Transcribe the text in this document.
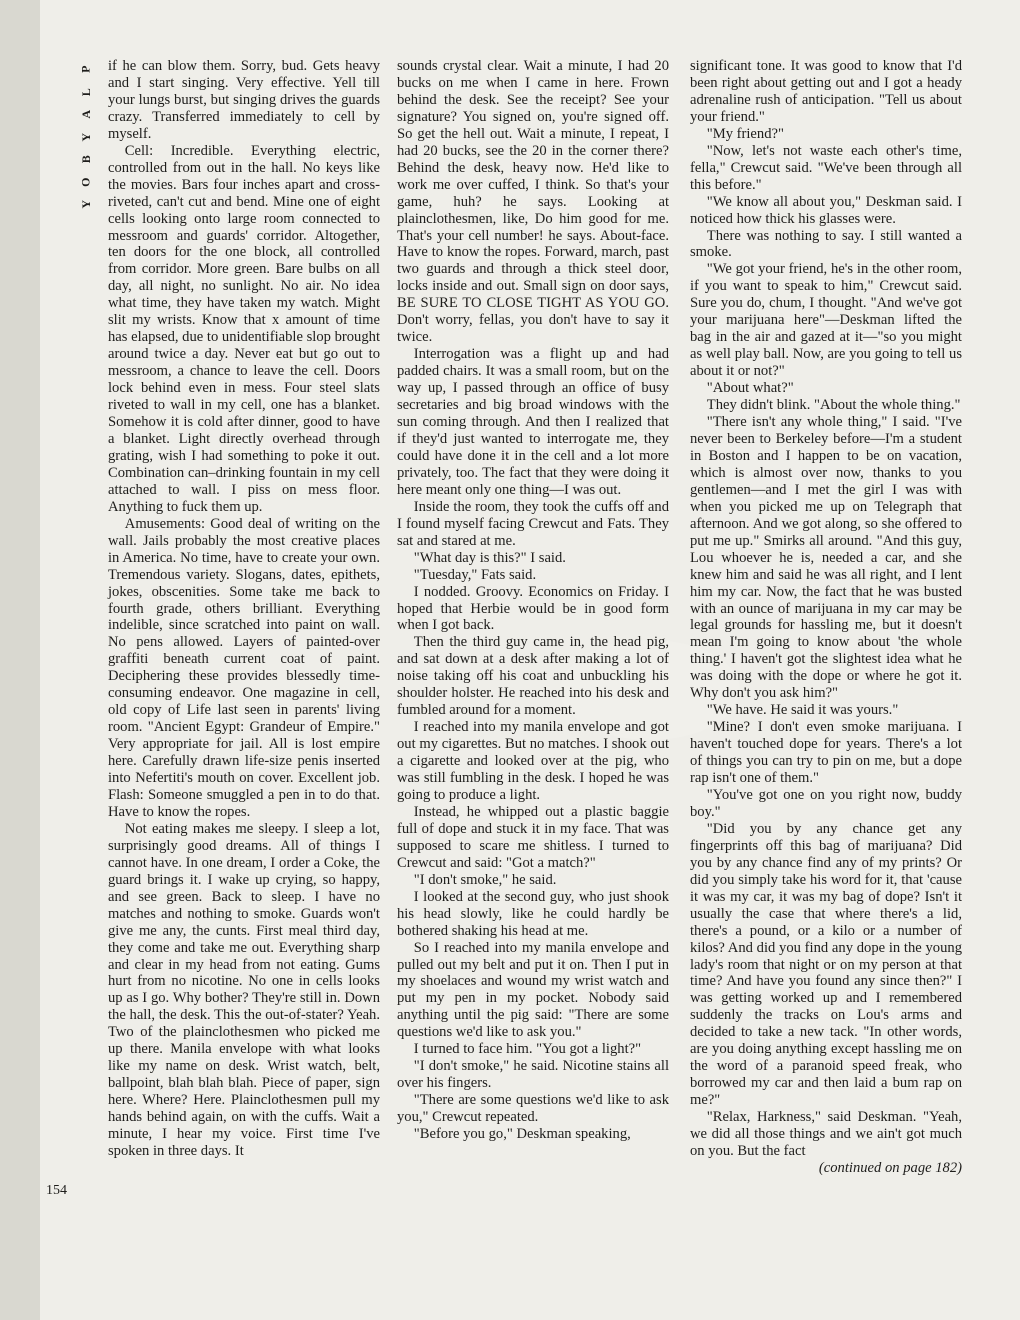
P
L
A
Y
B
O
Y
154

if he can blow them. Sorry, bud. Gets heavy and I start singing. Very effective. Yell till your lungs burst, but singing drives the guards crazy. Transferred immediately to cell by myself.

Cell: Incredible. Everything electric, controlled from out in the hall. No keys like the movies. Bars four inches apart and cross-riveted, can't cut and bend. Mine one of eight cells looking onto large room connected to messroom and guards' corridor. Altogether, ten doors for the one block, all controlled from corridor. More green. Bare bulbs on all day, all night, no sunlight. No air. No idea what time, they have taken my watch. Might slit my wrists. Know that x amount of time has elapsed, due to unidentifiable slop brought around twice a day. Never eat but go out to messroom, a chance to leave the cell. Doors lock behind even in mess. Four steel slats riveted to wall in my cell, one has a blanket. Somehow it is cold after dinner, good to have a blanket. Light directly overhead through grating, wish I had something to poke it out. Combination can–drinking fountain in my cell attached to wall. I piss on mess floor. Anything to fuck them up.

Amusements: Good deal of writing on the wall. Jails probably the most creative places in America. No time, have to create your own. Tremendous variety. Slogans, dates, epithets, jokes, obscenities. Some take me back to fourth grade, others brilliant. Everything indelible, since scratched into paint on wall. No pens allowed. Layers of painted-over graffiti beneath current coat of paint. Deciphering these provides blessedly time-consuming endeavor. One magazine in cell, old copy of Life last seen in parents' living room. "Ancient Egypt: Grandeur of Empire." Very appropriate for jail. All is lost empire here. Carefully drawn life-size penis inserted into Nefertiti's mouth on cover. Excellent job. Flash: Someone smuggled a pen in to do that. Have to know the ropes.

Not eating makes me sleepy. I sleep a lot, surprisingly good dreams. All of things I cannot have. In one dream, I order a Coke, the guard brings it. I wake up crying, so happy, and see green. Back to sleep. I have no matches and nothing to smoke. Guards won't give me any, the cunts. First meal third day, they come and take me out. Everything sharp and clear in my head from not eating. Gums hurt from no nicotine. No one in cells looks up as I go. Why bother? They're still in. Down the hall, the desk. This the out-of-stater? Yeah. Two of the plainclothesmen who picked me up there. Manila envelope with what looks like my name on desk. Wrist watch, belt, ballpoint, blah blah blah. Piece of paper, sign here. Where? Here. Plainclothesmen pull my hands behind again, on with the cuffs. Wait a minute, I hear my voice. First time I've spoken in three days. It

sounds crystal clear. Wait a minute, I had 20 bucks on me when I came in here. Frown behind the desk. See the receipt? See your signature? You signed on, you're signed off. So get the hell out. Wait a minute, I repeat, I had 20 bucks, see the 20 in the corner there? Behind the desk, heavy now. He'd like to work me over cuffed, I think. So that's your game, huh? he says. Looking at plainclothesmen, like, Do him good for me. That's your cell number! he says. About-face. Have to know the ropes. Forward, march, past two guards and through a thick steel door, locks inside and out. Small sign on door says, BE SURE TO CLOSE TIGHT AS YOU GO. Don't worry, fellas, you don't have to say it twice.

Interrogation was a flight up and had padded chairs. It was a small room, but on the way up, I passed through an office of busy secretaries and big broad windows with the sun coming through. And then I realized that if they'd just wanted to interrogate me, they could have done it in the cell and a lot more privately, too. The fact that they were doing it here meant only one thing—I was out.

Inside the room, they took the cuffs off and I found myself facing Crewcut and Fats. They sat and stared at me.

"What day is this?" I said.

"Tuesday," Fats said.

I nodded. Groovy. Economics on Friday. I hoped that Herbie would be in good form when I got back.

Then the third guy came in, the head pig, and sat down at a desk after making a lot of noise taking off his coat and unbuckling his shoulder holster. He reached into his desk and fumbled around for a moment.

I reached into my manila envelope and got out my cigarettes. But no matches. I shook out a cigarette and looked over at the pig, who was still fumbling in the desk. I hoped he was going to produce a light.

Instead, he whipped out a plastic baggie full of dope and stuck it in my face. That was supposed to scare me shitless. I turned to Crewcut and said: "Got a match?"

"I don't smoke," he said.

I looked at the second guy, who just shook his head slowly, like he could hardly be bothered shaking his head at me.

So I reached into my manila envelope and pulled out my belt and put it on. Then I put in my shoelaces and wound my wrist watch and put my pen in my pocket. Nobody said anything until the pig said: "There are some questions we'd like to ask you."

I turned to face him. "You got a light?"

"I don't smoke," he said. Nicotine stains all over his fingers.

"There are some questions we'd like to ask you," Crewcut repeated.

"Before you go," Deskman speaking,

significant tone. It was good to know that I'd been right about getting out and I got a heady adrenaline rush of anticipation. "Tell us about your friend."

"My friend?"

"Now, let's not waste each other's time, fella," Crewcut said. "We've been through all this before."

"We know all about you," Deskman said. I noticed how thick his glasses were.

There was nothing to say. I still wanted a smoke.

"We got your friend, he's in the other room, if you want to speak to him," Crewcut said. Sure you do, chum, I thought. "And we've got your marijuana here"—Deskman lifted the bag in the air and gazed at it—"so you might as well play ball. Now, are you going to tell us about it or not?"

"About what?"

They didn't blink. "About the whole thing."

"There isn't any whole thing," I said. "I've never been to Berkeley before—I'm a student in Boston and I happen to be on vacation, which is almost over now, thanks to you gentlemen—and I met the girl I was with when you picked me up on Telegraph that afternoon. And we got along, so she offered to put me up." Smirks all around. "And this guy, Lou whoever he is, needed a car, and she knew him and said he was all right, and I lent him my car. Now, the fact that he was busted with an ounce of marijuana in my car may be legal grounds for hassling me, but it doesn't mean I'm going to know about 'the whole thing.' I haven't got the slightest idea what he was doing with the dope or where he got it. Why don't you ask him?"

"We have. He said it was yours."

"Mine? I don't even smoke marijuana. I haven't touched dope for years. There's a lot of things you can try to pin on me, but a dope rap isn't one of them."

"You've got one on you right now, buddy boy."

"Did you by any chance get any fingerprints off this bag of marijuana? Did you by any chance find any of my prints? Or did you simply take his word for it, that 'cause it was my car, it was my bag of dope? Isn't it usually the case that where there's a lid, there's a pound, or a kilo or a number of kilos? And did you find any dope in the young lady's room that night or on my person at that time? And have you found any since then?" I was getting worked up and I remembered suddenly the tracks on Lou's arms and decided to take a new tack. "In other words, are you doing anything except hassling me on the word of a paranoid speed freak, who borrowed my car and then laid a bum rap on me?"

"Relax, Harkness," said Deskman. "Yeah, we did all those things and we ain't got much on you. But the fact

(continued on page 182)
